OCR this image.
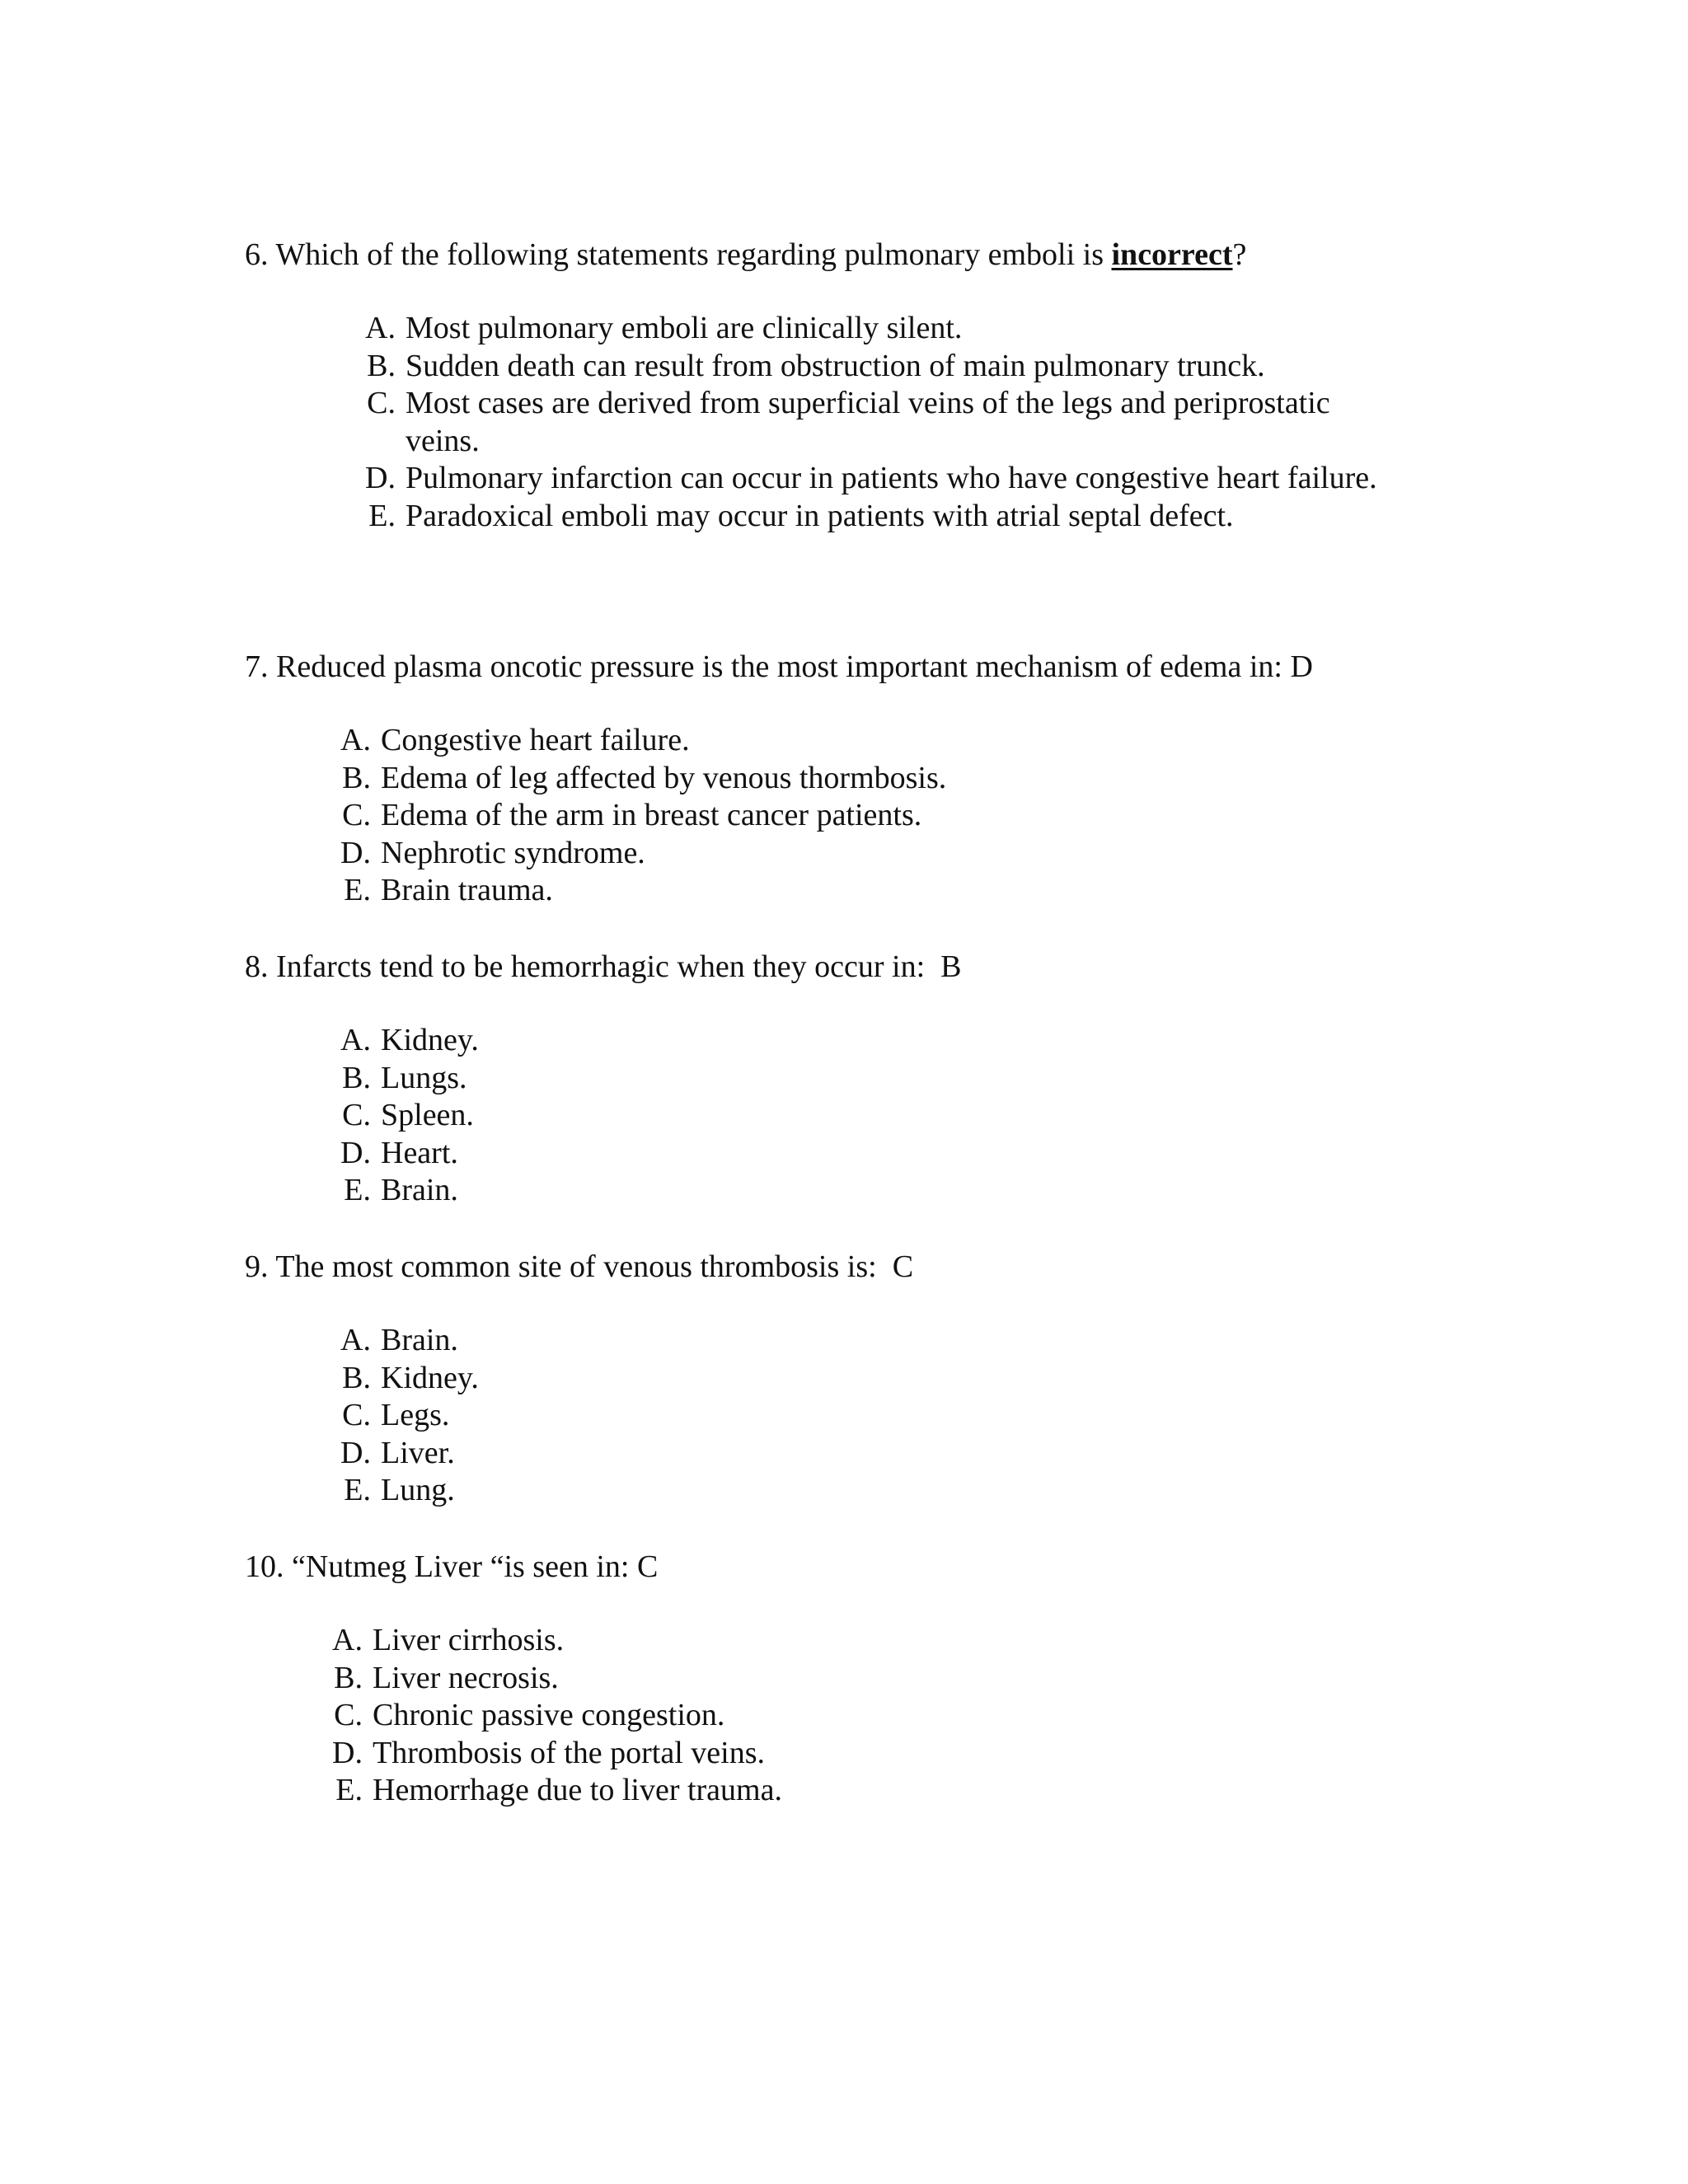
6. Which of the following statements regarding pulmonary emboli is incorrect?
A. Most pulmonary emboli are clinically silent.
B. Sudden death can result from obstruction of main pulmonary trunck.
C. Most cases are derived from superficial veins of the legs and periprostatic veins.
D. Pulmonary infarction can occur in patients who have congestive heart failure.
E. Paradoxical emboli may occur in patients with atrial septal defect.
7. Reduced plasma oncotic pressure is the most important mechanism of edema in: D
A. Congestive heart failure.
B. Edema of leg affected by venous thormbosis.
C. Edema of the arm in breast cancer patients.
D. Nephrotic syndrome.
E. Brain trauma.
8. Infarcts tend to be hemorrhagic when they occur in:  B
A. Kidney.
B. Lungs.
C. Spleen.
D. Heart.
E. Brain.
9. The most common site of venous thrombosis is:  C
A. Brain.
B. Kidney.
C. Legs.
D. Liver.
E. Lung.
10. “Nutmeg Liver “is seen in: C
A. Liver cirrhosis.
B. Liver necrosis.
C. Chronic passive congestion.
D. Thrombosis of the portal veins.
E. Hemorrhage due to liver trauma.
